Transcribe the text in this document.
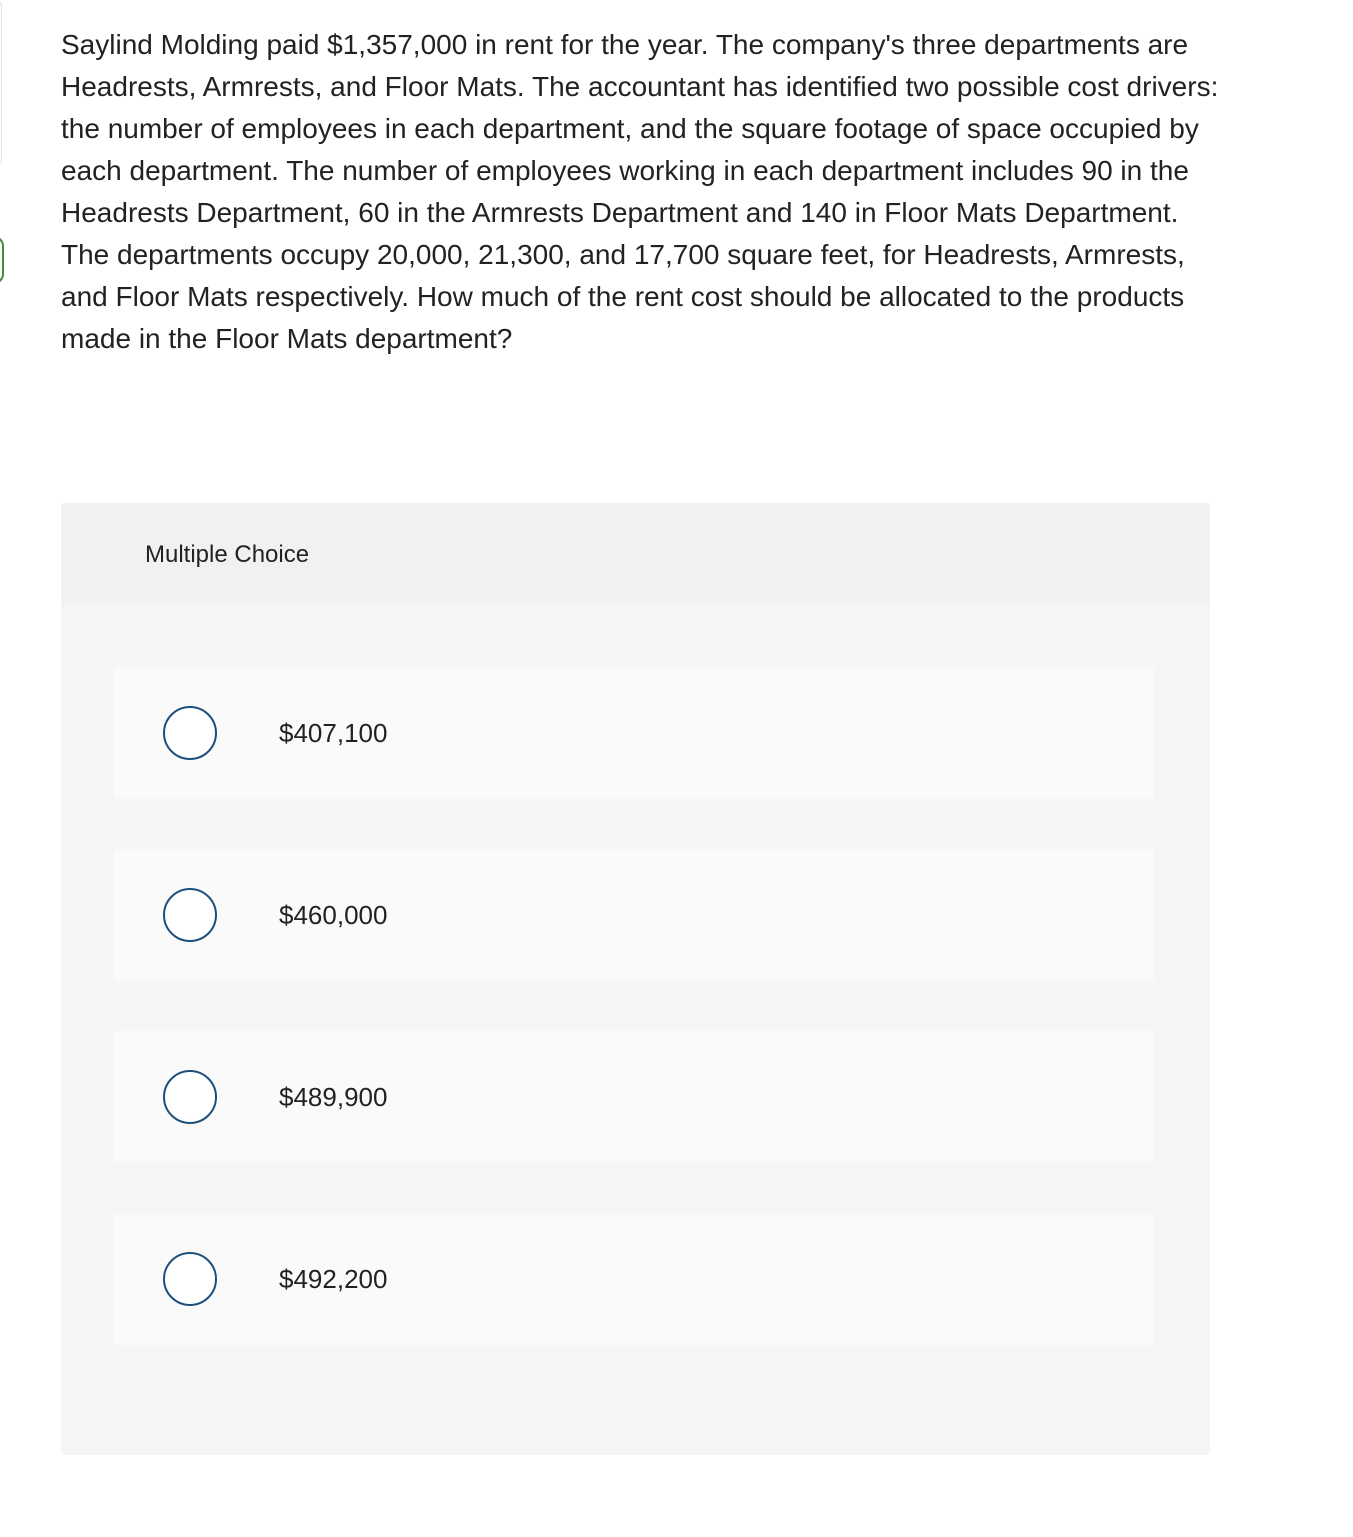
Saylind Molding paid $1,357,000 in rent for the year. The company's three departments are Headrests, Armrests, and Floor Mats. The accountant has identified two possible cost drivers: the number of employees in each department, and the square footage of space occupied by each department. The number of employees working in each department includes 90 in the Headrests Department, 60 in the Armrests Department and 140 in Floor Mats Department. The departments occupy 20,000, 21,300, and 17,700 square feet, for Headrests, Armrests, and Floor Mats respectively. How much of the rent cost should be allocated to the products made in the Floor Mats department?

Multiple Choice
$407,100
$460,000
$489,900
$492,200
